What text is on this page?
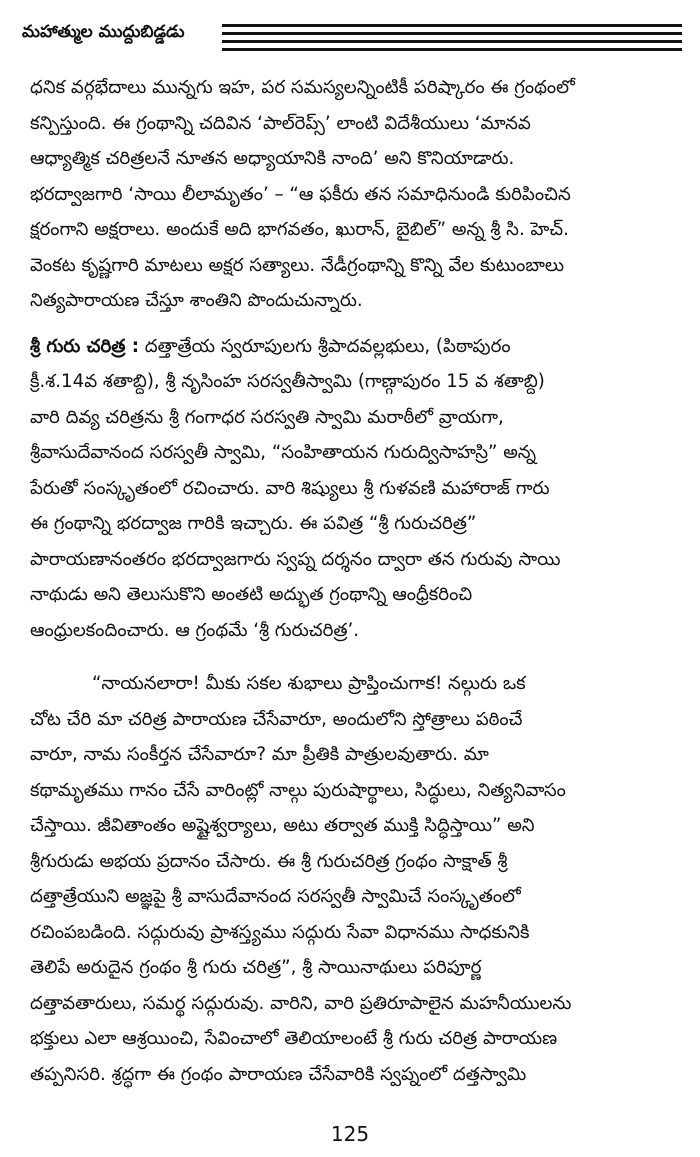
మహాత్ముల ముద్దుబిడ్డడు
ధనిక వర్గభేదాలు మున్నగు ఇహ, పర సమస్యలన్నింటికీ పరిష్కారం ఈ గ్రంథంలో
కన్పిస్తుంది. ఈ గ్రంథాన్ని చదివిన ‘పాల్‌రెప్స్’ లాంటి విదేశీయులు ‘మానవ
ఆధ్యాత్మిక చరిత్రలనే నూతన అధ్యాయానికి నాంది’ అని కొనియాడారు.
భరద్వాజగారి ‘సాయి లీలామృతం’ – “ఆ ఫకీరు తన సమాధినుండి కురిపించిన
క్షరంగాని అక్షరాలు. అందుకే అది భాగవతం, ఖురాన్, బైబిల్” అన్న శ్రీ సి. హెచ్.
వెంకట కృష్ణగారి మాటలు అక్షర సత్యాలు. నేడీగ్రంథాన్ని కొన్ని వేల కుటుంబాలు
నిత్యపారాయణ చేస్తూ శాంతిని పొందుచున్నారు.
శ్రీ గురు చరిత్ర : దత్తాత్రేయ స్వరూపులగు శ్రీపాదవల్లభులు, (పిఠాపురం
క్రీ.శ.14వ శతాబ్ది), శ్రీ నృసింహ సరస్వతీస్వామి (గాణ్గాపురం 15 వ శతాబ్ది)
వారి దివ్య చరిత్రను శ్రీ గంగాధర సరస్వతి స్వామి మరాఠీలో వ్రాయగా,
శ్రీవాసుదేవానంద సరస్వతీ స్వామి, “సంహితాయన గురుద్విసాహస్రి” అన్న
పేరుతో సంస్కృతంలో రచించారు. వారి శిష్యులు శ్రీ గుళవణి మహారాజ్ గారు
ఈ గ్రంథాన్ని భరద్వాజ గారికి ఇచ్చారు. ఈ పవిత్ర “శ్రీ గురుచరిత్ర”
పారాయణానంతరం భరద్వాజగారు స్వప్న దర్శనం ద్వారా తన గురువు సాయి
నాథుడు అని తెలుసుకొని అంతటి అద్భుత గ్రంథాన్ని ఆంధ్రీకరించి
ఆంధ్రులకందించారు. ఆ గ్రంథమే ‘శ్రీ గురుచరిత్ర’.
“నాయనలారా! మీకు సకల శుభాలు ప్రాప్తించుగాక! నల్గురు ఒక
చోట చేరి మా చరిత్ర పారాయణ చేసేవారూ, అందులోని స్తోత్రాలు పఠించే
వారూ, నామ సంకీర్తన చేసేవారూ? మా ప్రీతికి పాత్రులవుతారు. మా
కథామృతము గానం చేసే వారింట్లో నాల్గు పురుషార్థాలు, సిద్ధులు, నిత్యనివాసం
చేస్తాయి. జీవితాంతం అష్టైశ్వర్యాలు, అటు తర్వాత ముక్తి సిద్ధిస్తాయి” అని
శ్రీగురుడు అభయ ప్రదానం చేసారు. ఈ శ్రీ గురుచరిత్ర గ్రంథం సాక్షాత్ శ్రీ
దత్తాత్రేయుని అజ్ఞపై శ్రీ వాసుదేవానంద సరస్వతీ స్వామిచే సంస్కృతంలో
రచింపబడింది. సద్గురువు ప్రాశస్త్యము సద్గురు సేవా విధానము సాధకునికి
తెలిపే అరుదైన గ్రంథం శ్రీ గురు చరిత్ర”, శ్రీ సాయినాథులు పరిపూర్ణ
దత్తావతారులు, సమర్థ సద్గురువు. వారిని, వారి ప్రతిరూపాలైన మహనీయులను
భక్తులు ఎలా ఆశ్రయించి, సేవించాలో తెలియాలంటే శ్రీ గురు చరిత్ర పారాయణ
తప్పనిసరి. శ్రద్ధగా ఈ గ్రంథం పారాయణ చేసేవారికి స్వప్నంలో దత్తస్వామి
125
